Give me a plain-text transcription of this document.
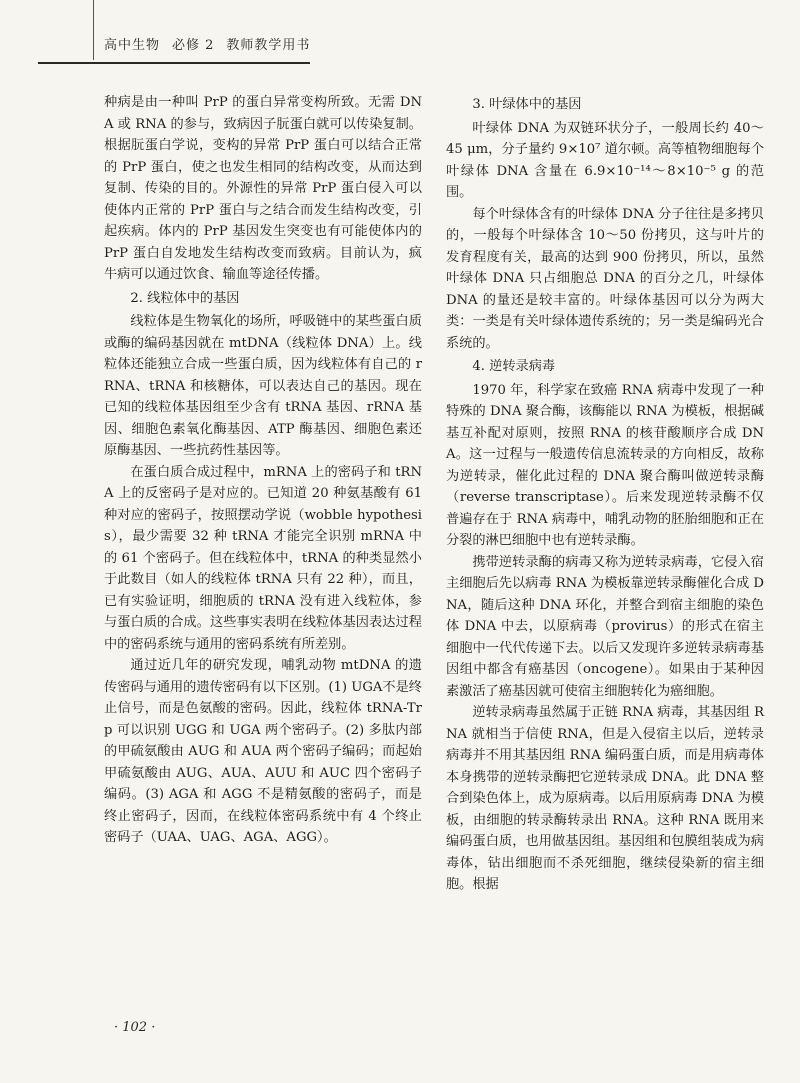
高中生物 必修 2 教师教学用书

种病是由一种叫 PrP 的蛋白异常变构所致。无需 DNA 或 RNA 的参与，致病因子朊蛋白就可以传染复制。根据朊蛋白学说，变构的异常 PrP 蛋白可以结合正常的 PrP 蛋白，使之也发生相同的结构改变，从而达到复制、传染的目的。外源性的异常 PrP 蛋白侵入可以使体内正常的 PrP 蛋白与之结合而发生结构改变，引起疾病。体内的 PrP 基因发生突变也有可能使体内的 PrP 蛋白自发地发生结构改变而致病。目前认为，疯牛病可以通过饮食、输血等途径传播。

2. 线粒体中的基因

线粒体是生物氧化的场所，呼吸链中的某些蛋白质或酶的编码基因就在 mtDNA（线粒体 DNA）上。线粒体还能独立合成一些蛋白质，因为线粒体有自己的 rRNA、tRNA 和核糖体，可以表达自己的基因。现在已知的线粒体基因组至少含有 tRNA 基因、rRNA 基因、细胞色素氧化酶基因、ATP 酶基因、细胞色素还原酶基因、一些抗药性基因等。

在蛋白质合成过程中，mRNA 上的密码子和 tRNA 上的反密码子是对应的。已知道 20 种氨基酸有 61 种对应的密码子，按照摆动学说（wobble hypothesis），最少需要 32 种 tRNA 才能完全识别 mRNA 中的 61 个密码子。但在线粒体中，tRNA 的种类显然小于此数目（如人的线粒体 tRNA 只有 22 种），而且，已有实验证明，细胞质的 tRNA 没有进入线粒体，参与蛋白质的合成。这些事实表明在线粒体基因表达过程中的密码系统与通用的密码系统有所差别。

通过近几年的研究发现，哺乳动物 mtDNA 的遗传密码与通用的遗传密码有以下区别。(1) UGA不是终止信号，而是色氨酸的密码。因此，线粒体 tRNA-Trp 可以识别 UGG 和 UGA 两个密码子。(2) 多肽内部的甲硫氨酸由 AUG 和 AUA 两个密码子编码；而起始甲硫氨酸由 AUG、AUA、AUU 和 AUC 四个密码子编码。(3) AGA 和 AGG 不是精氨酸的密码子，而是终止密码子，因而，在线粒体密码系统中有 4 个终止密码子（UAA、UAG、AGA、AGG）。

3. 叶绿体中的基因

叶绿体 DNA 为双链环状分子，一般周长约 40～45 μm，分子量约 9×10⁷ 道尔顿。高等植物细胞每个叶绿体 DNA 含量在 6.9×10⁻¹⁴～8×10⁻⁵ g 的范围。

每个叶绿体含有的叶绿体 DNA 分子往往是多拷贝的，一般每个叶绿体含 10～50 份拷贝，这与叶片的发育程度有关，最高的达到 900 份拷贝，所以，虽然叶绿体 DNA 只占细胞总 DNA 的百分之几，叶绿体 DNA 的量还是较丰富的。叶绿体基因可以分为两大类：一类是有关叶绿体遗传系统的；另一类是编码光合系统的。

4. 逆转录病毒

1970 年，科学家在致癌 RNA 病毒中发现了一种特殊的 DNA 聚合酶，该酶能以 RNA 为模板，根据碱基互补配对原则，按照 RNA 的核苷酸顺序合成 DNA。这一过程与一般遗传信息流转录的方向相反，故称为逆转录，催化此过程的 DNA 聚合酶叫做逆转录酶（reverse transcriptase）。后来发现逆转录酶不仅普遍存在于 RNA 病毒中，哺乳动物的胚胎细胞和正在分裂的淋巴细胞中也有逆转录酶。

携带逆转录酶的病毒又称为逆转录病毒，它侵入宿主细胞后先以病毒 RNA 为模板靠逆转录酶催化合成 DNA，随后这种 DNA 环化，并整合到宿主细胞的染色体 DNA 中去，以原病毒（provirus）的形式在宿主细胞中一代代传递下去。以后又发现许多逆转录病毒基因组中都含有癌基因（oncogene）。如果由于某种因素激活了癌基因就可使宿主细胞转化为癌细胞。

逆转录病毒虽然属于正链 RNA 病毒，其基因组 RNA 就相当于信使 RNA，但是入侵宿主以后，逆转录病毒并不用其基因组 RNA 编码蛋白质，而是用病毒体本身携带的逆转录酶把它逆转录成 DNA。此 DNA 整合到染色体上，成为原病毒。以后用原病毒 DNA 为模板，由细胞的转录酶转录出 RNA。这种 RNA 既用来编码蛋白质，也用做基因组。基因组和包膜组装成为病毒体，钻出细胞而不杀死细胞，继续侵染新的宿主细胞。根据

· 102 ·
